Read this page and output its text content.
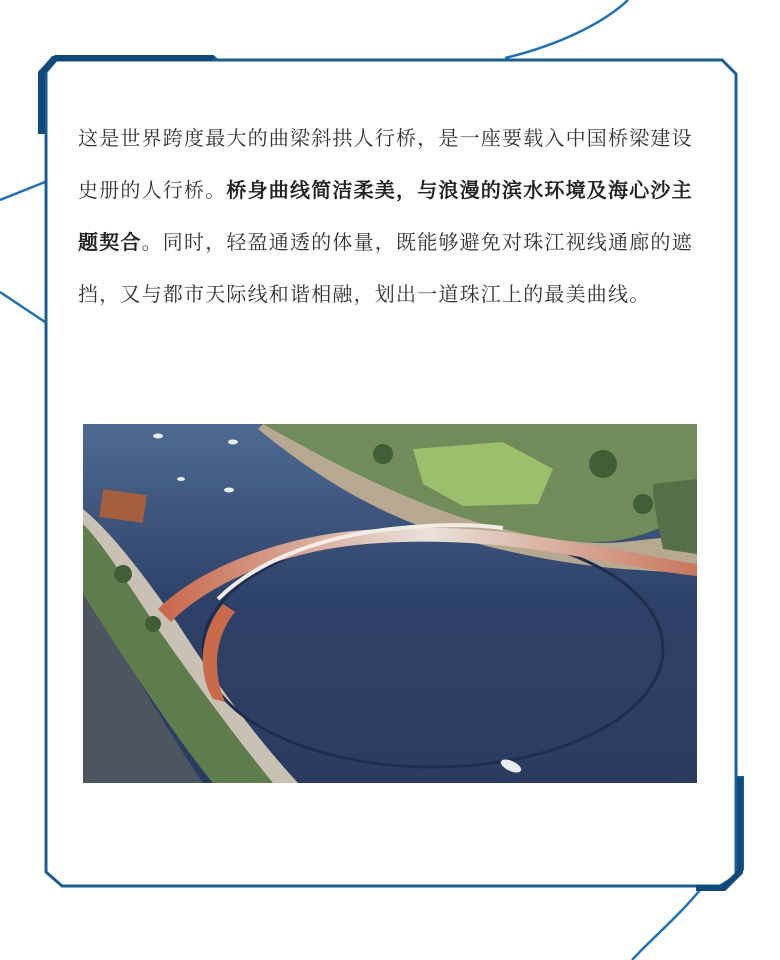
这是世界跨度最大的曲梁斜拱人行桥，是一座要载入中国桥梁建设史册的人行桥。桥身曲线简洁柔美，与浪漫的滨水环境及海心沙主题契合。同时，轻盈通透的体量，既能够避免对珠江视线通廊的遮挡，又与都市天际线和谐相融，划出一道珠江上的最美曲线。
